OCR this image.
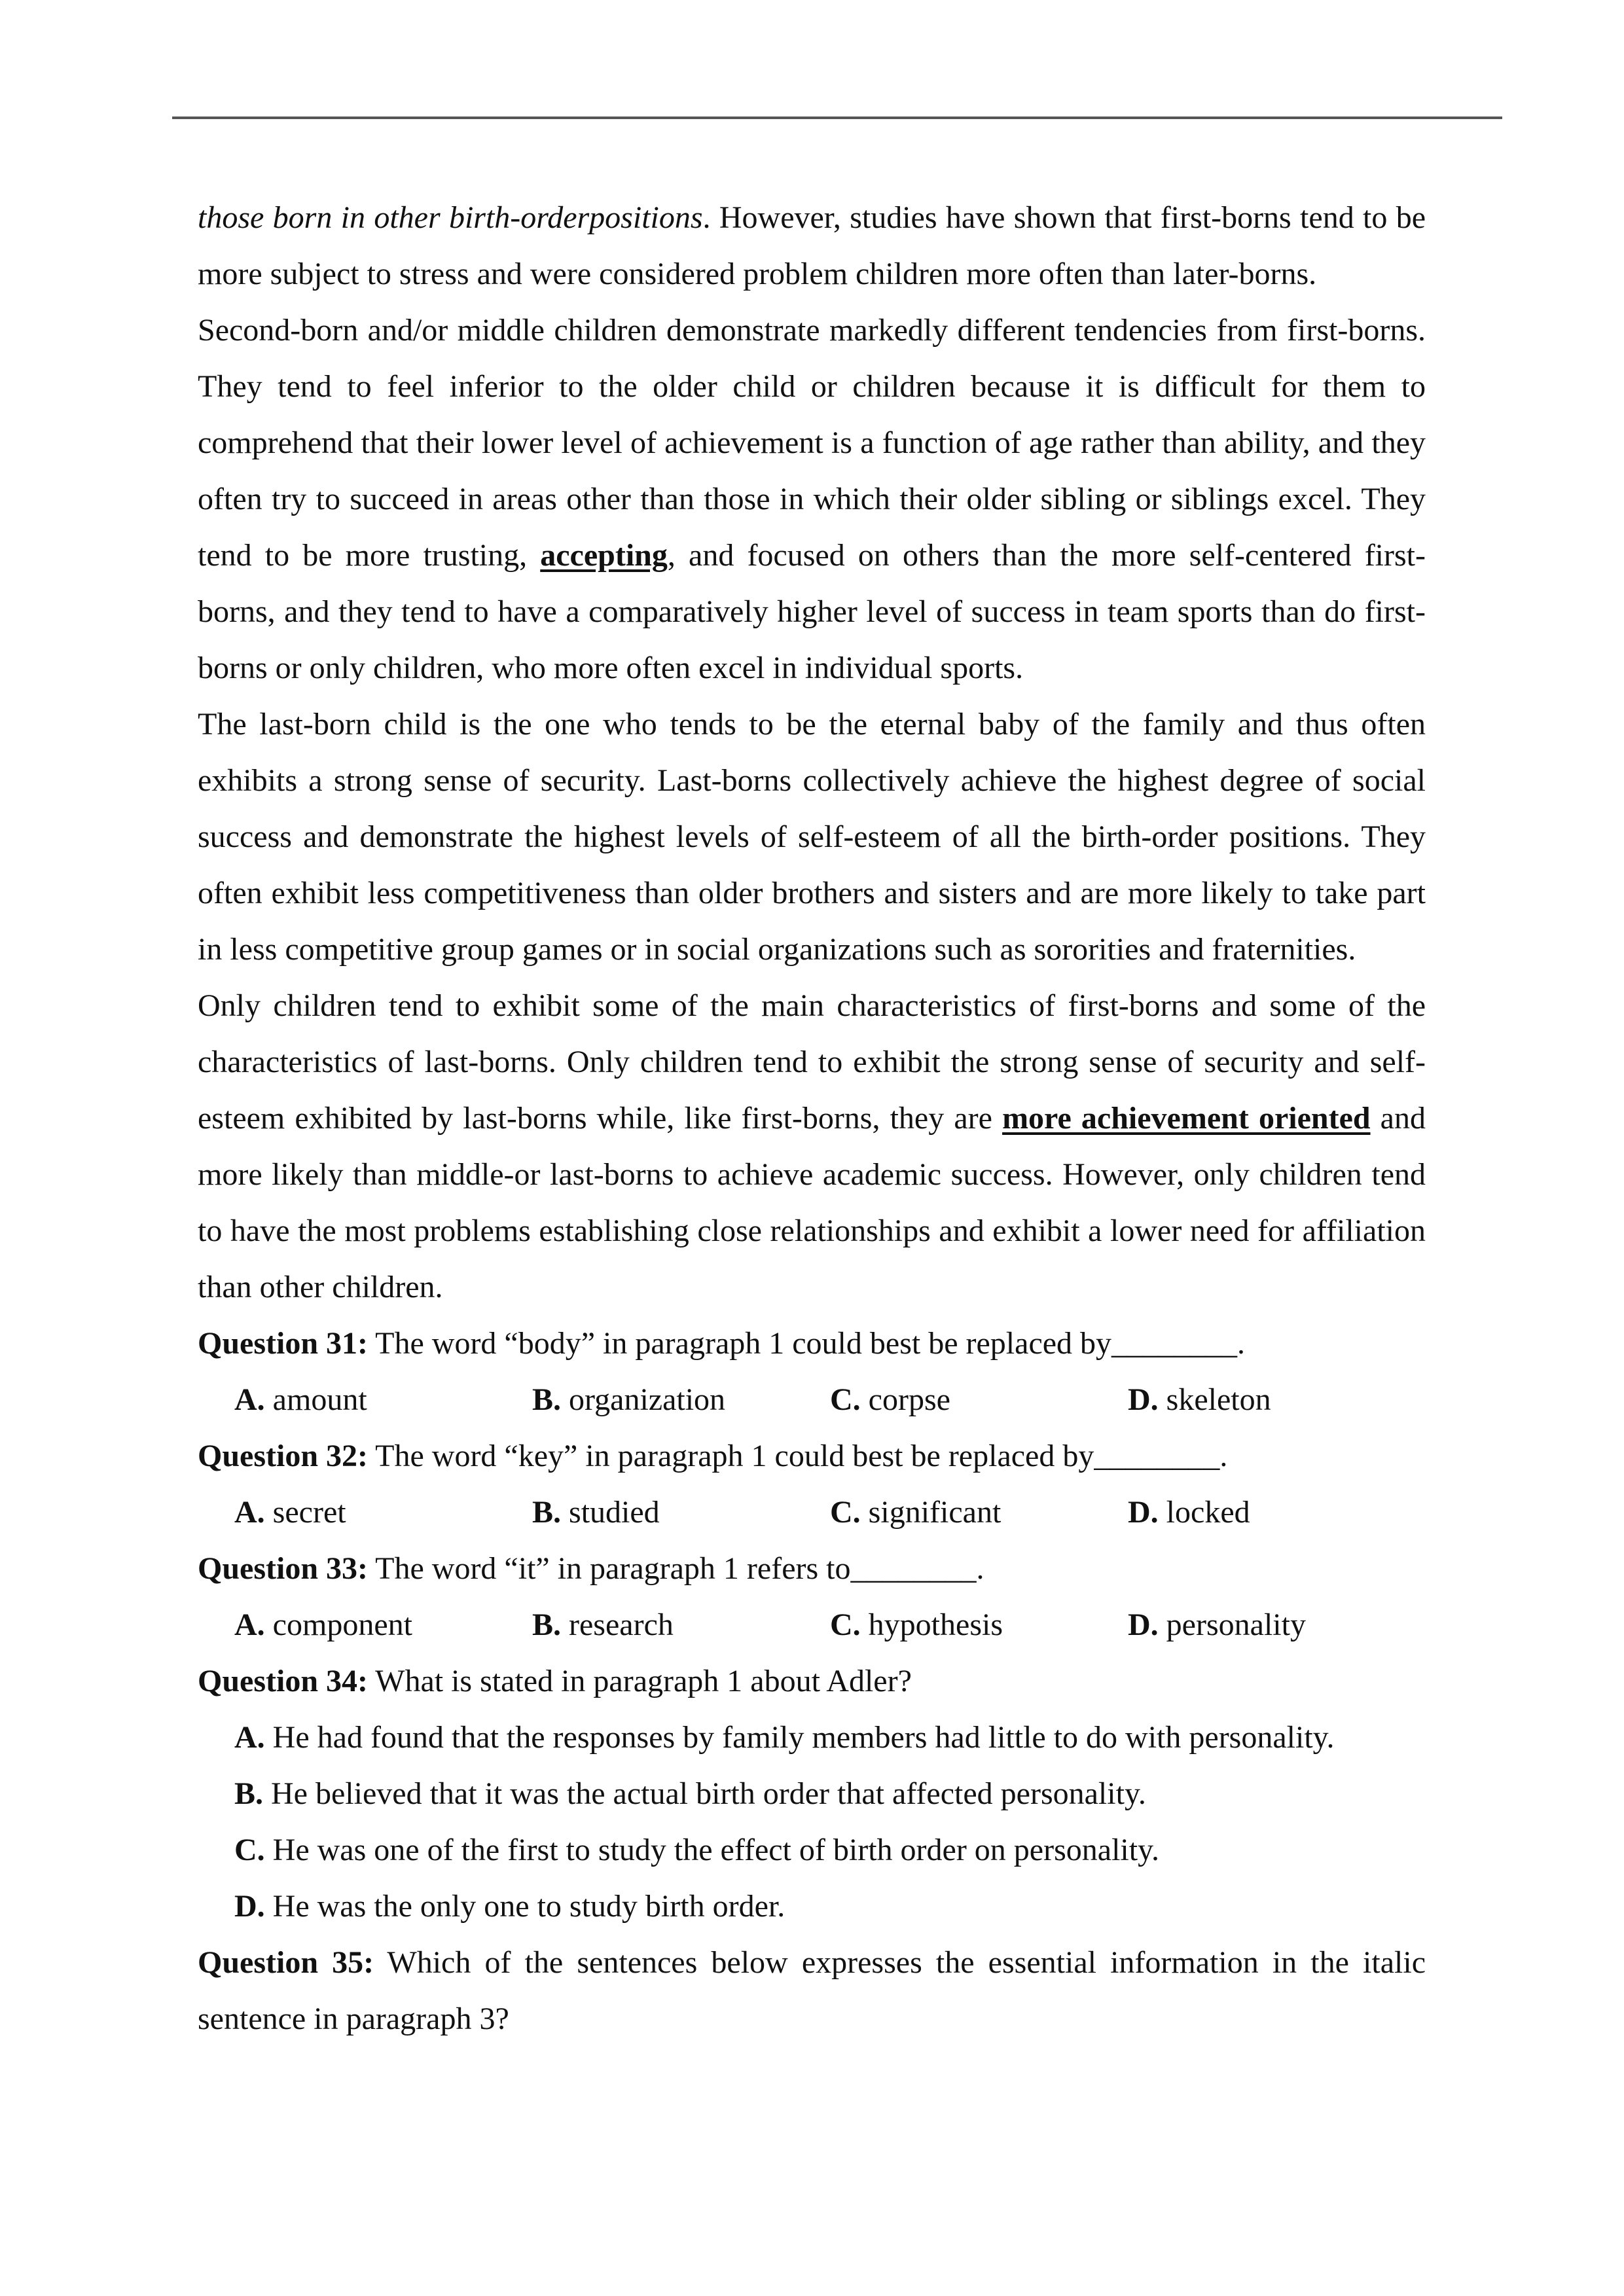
those born in other birth-orderpositions. However, studies have shown that first-borns tend to be more subject to stress and were considered problem children more often than later-borns.

Second-born and/or middle children demonstrate markedly different tendencies from first-borns. They tend to feel inferior to the older child or children because it is difficult for them to comprehend that their lower level of achievement is a function of age rather than ability, and they often try to succeed in areas other than those in which their older sibling or siblings excel. They tend to be more trusting, accepting, and focused on others than the more self-centered first-borns, and they tend to have a comparatively higher level of success in team sports than do first-borns or only children, who more often excel in individual sports.

The last-born child is the one who tends to be the eternal baby of the family and thus often exhibits a strong sense of security. Last-borns collectively achieve the highest degree of social success and demonstrate the highest levels of self-esteem of all the birth-order positions. They often exhibit less competitiveness than older brothers and sisters and are more likely to take part in less competitive group games or in social organizations such as sororities and fraternities.

Only children tend to exhibit some of the main characteristics of first-borns and some of the characteristics of last-borns. Only children tend to exhibit the strong sense of security and self-esteem exhibited by last-borns while, like first-borns, they are more achievement oriented and more likely than middle-or last-borns to achieve academic success. However, only children tend to have the most problems establishing close relationships and exhibit a lower need for affiliation than other children.

Question 31: The word “body” in paragraph 1 could best be replaced by________.

A. amount	B. organization	C. corpse	D. skeleton

Question 32: The word “key” in paragraph 1 could best be replaced by________.

A. secret	B. studied	C. significant	D. locked

Question 33: The word “it” in paragraph 1 refers to________.

A. component	B. research	C. hypothesis	D. personality

Question 34: What is stated in paragraph 1 about Adler?

A. He had found that the responses by family members had little to do with personality.
B. He believed that it was the actual birth order that affected personality.
C. He was one of the first to study the effect of birth order on personality.
D. He was the only one to study birth order.

Question 35: Which of the sentences below expresses the essential information in the italic sentence in paragraph 3?
